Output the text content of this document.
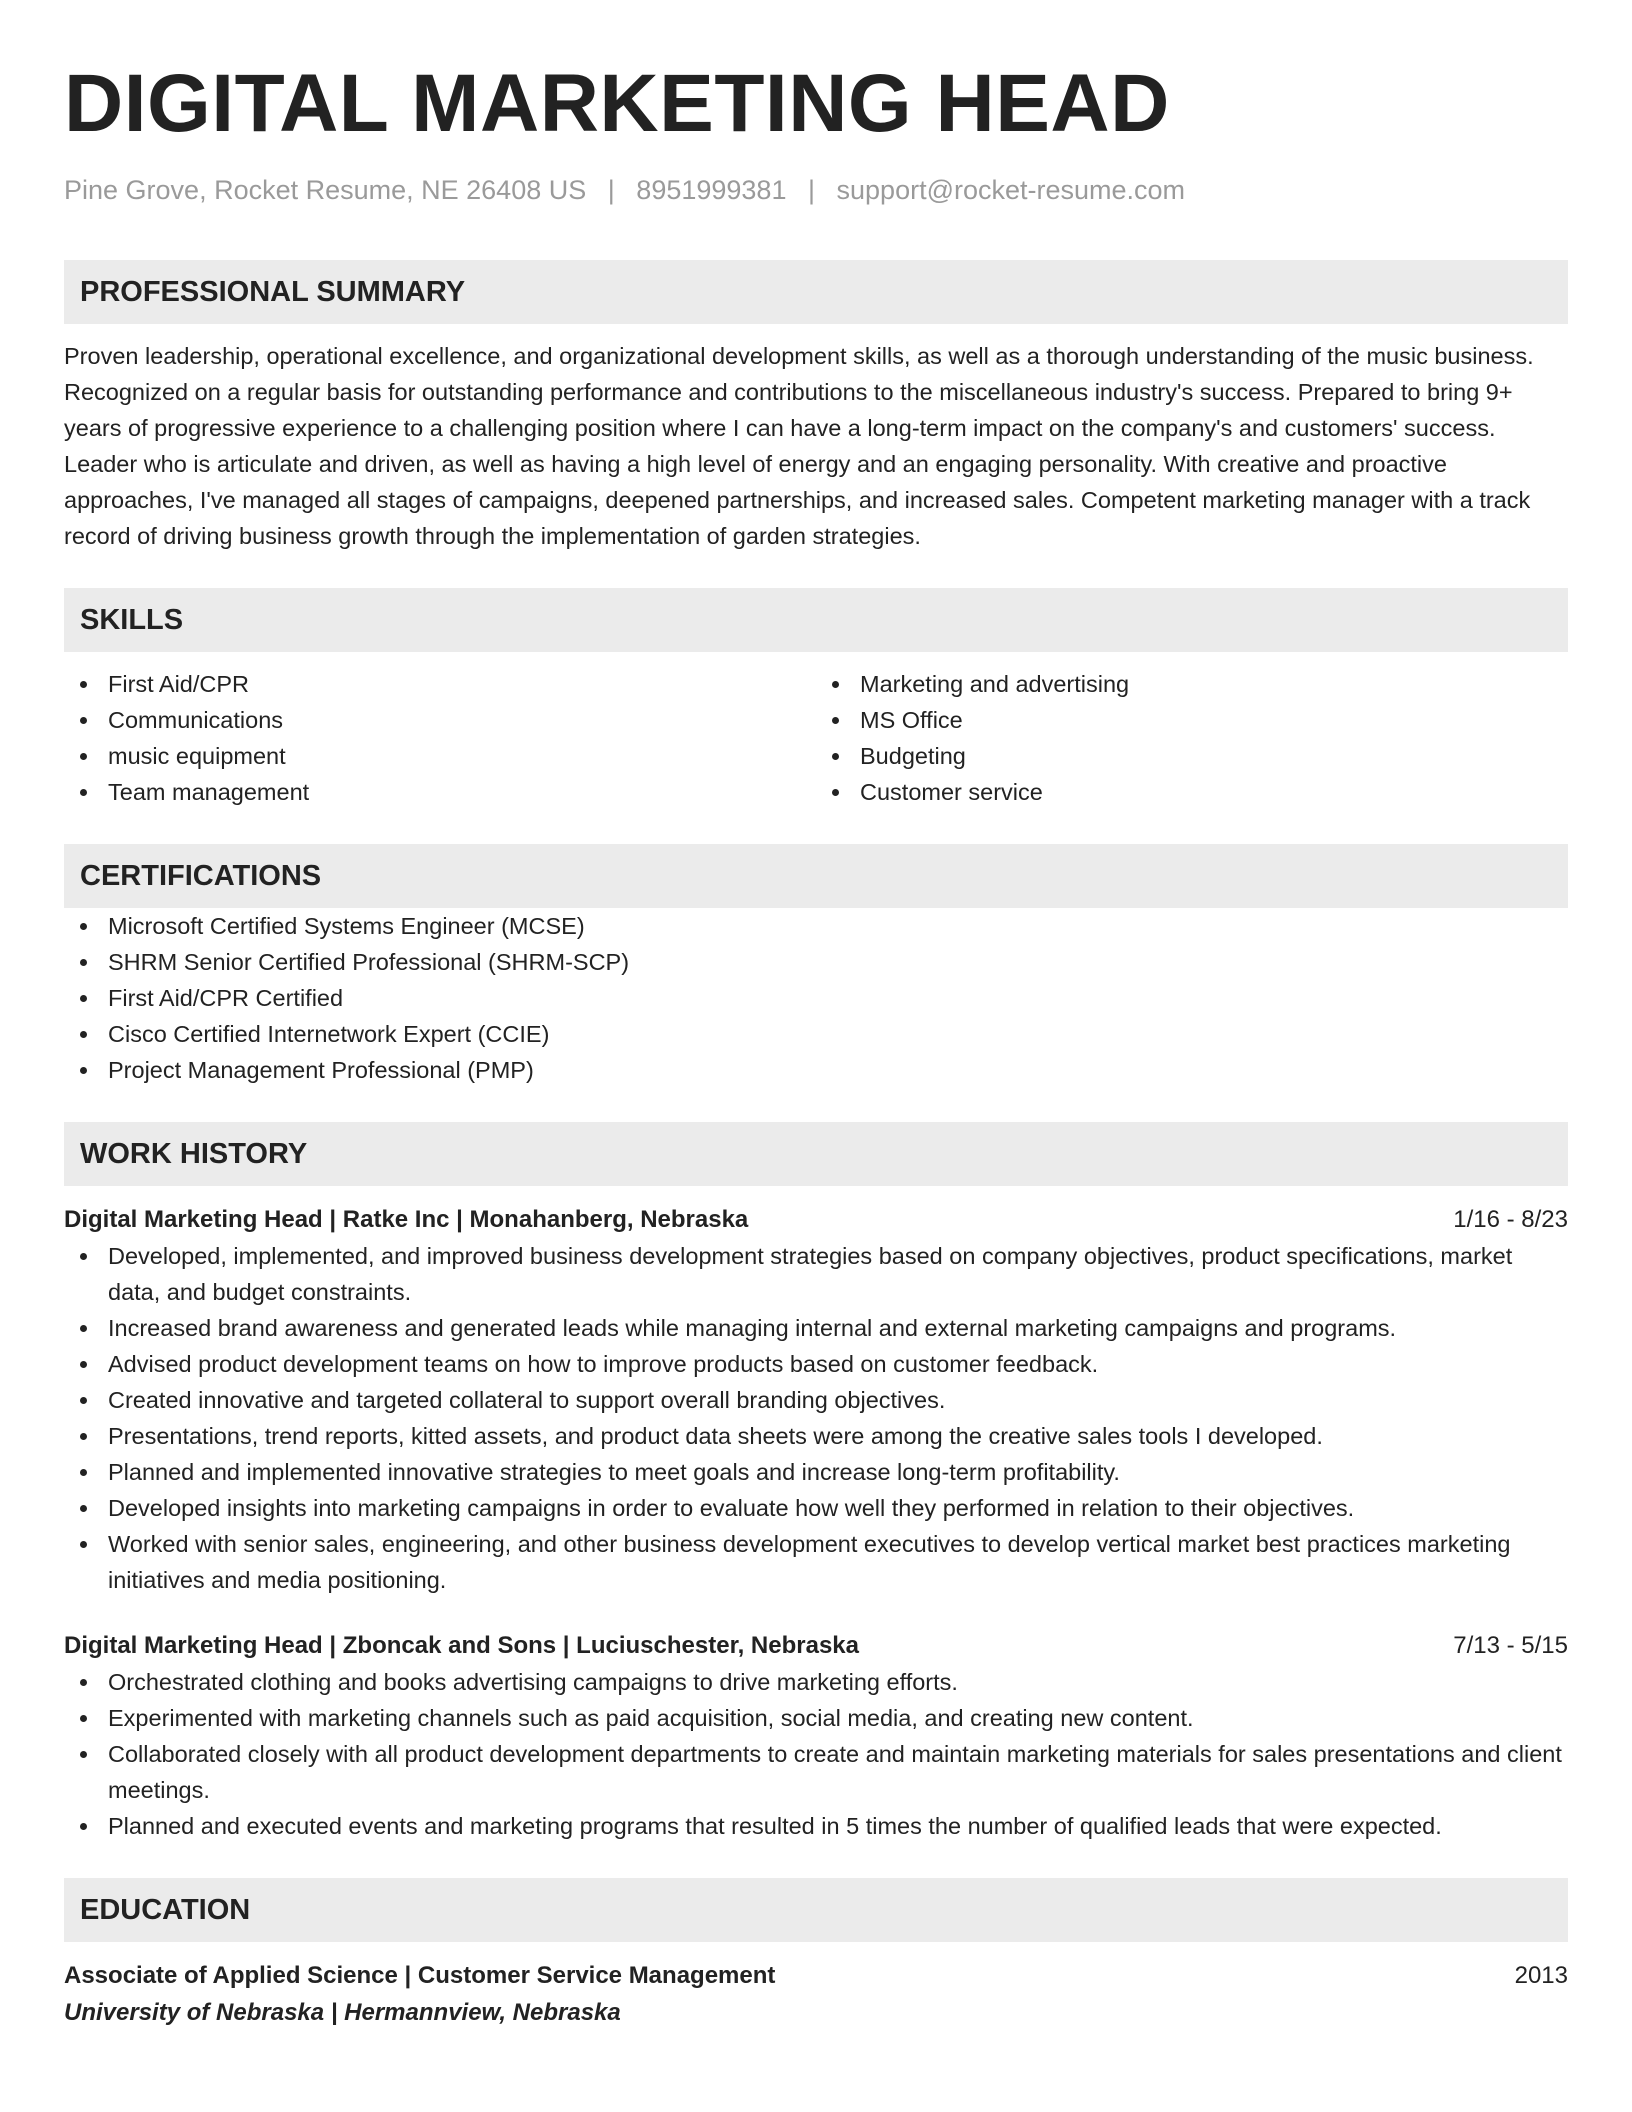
DIGITAL MARKETING HEAD
Pine Grove, Rocket Resume, NE 26408 US | 8951999381 | support@rocket-resume.com
PROFESSIONAL SUMMARY

Proven leadership, operational excellence, and organizational development skills, as well as a thorough understanding of the music business. Recognized on a regular basis for outstanding performance and contributions to the miscellaneous industry's success. Prepared to bring 9+ years of progressive experience to a challenging position where I can have a long-term impact on the company's and customers' success. Leader who is articulate and driven, as well as having a high level of energy and an engaging personality. With creative and proactive approaches, I've managed all stages of campaigns, deepened partnerships, and increased sales. Competent marketing manager with a track record of driving business growth through the implementation of garden strategies.

SKILLS
First Aid/CPR
Communications
music equipment
Team management
Marketing and advertising
MS Office
Budgeting
Customer service
CERTIFICATIONS
Microsoft Certified Systems Engineer (MCSE)
SHRM Senior Certified Professional (SHRM-SCP)
First Aid/CPR Certified
Cisco Certified Internetwork Expert (CCIE)
Project Management Professional (PMP)
WORK HISTORY
Digital Marketing Head | Ratke Inc | Monahanberg, Nebraska	1/16 - 8/23
Developed, implemented, and improved business development strategies based on company objectives, product specifications, market data, and budget constraints.
Increased brand awareness and generated leads while managing internal and external marketing campaigns and programs.
Advised product development teams on how to improve products based on customer feedback.
Created innovative and targeted collateral to support overall branding objectives.
Presentations, trend reports, kitted assets, and product data sheets were among the creative sales tools I developed.
Planned and implemented innovative strategies to meet goals and increase long-term profitability.
Developed insights into marketing campaigns in order to evaluate how well they performed in relation to their objectives.
Worked with senior sales, engineering, and other business development executives to develop vertical market best practices marketing initiatives and media positioning.
Digital Marketing Head | Zboncak and Sons | Luciuschester, Nebraska	7/13 - 5/15
Orchestrated clothing and books advertising campaigns to drive marketing efforts.
Experimented with marketing channels such as paid acquisition, social media, and creating new content.
Collaborated closely with all product development departments to create and maintain marketing materials for sales presentations and client meetings.
Planned and executed events and marketing programs that resulted in 5 times the number of qualified leads that were expected.
EDUCATION
Associate of Applied Science | Customer Service Management	2013
University of Nebraska | Hermannview, Nebraska
